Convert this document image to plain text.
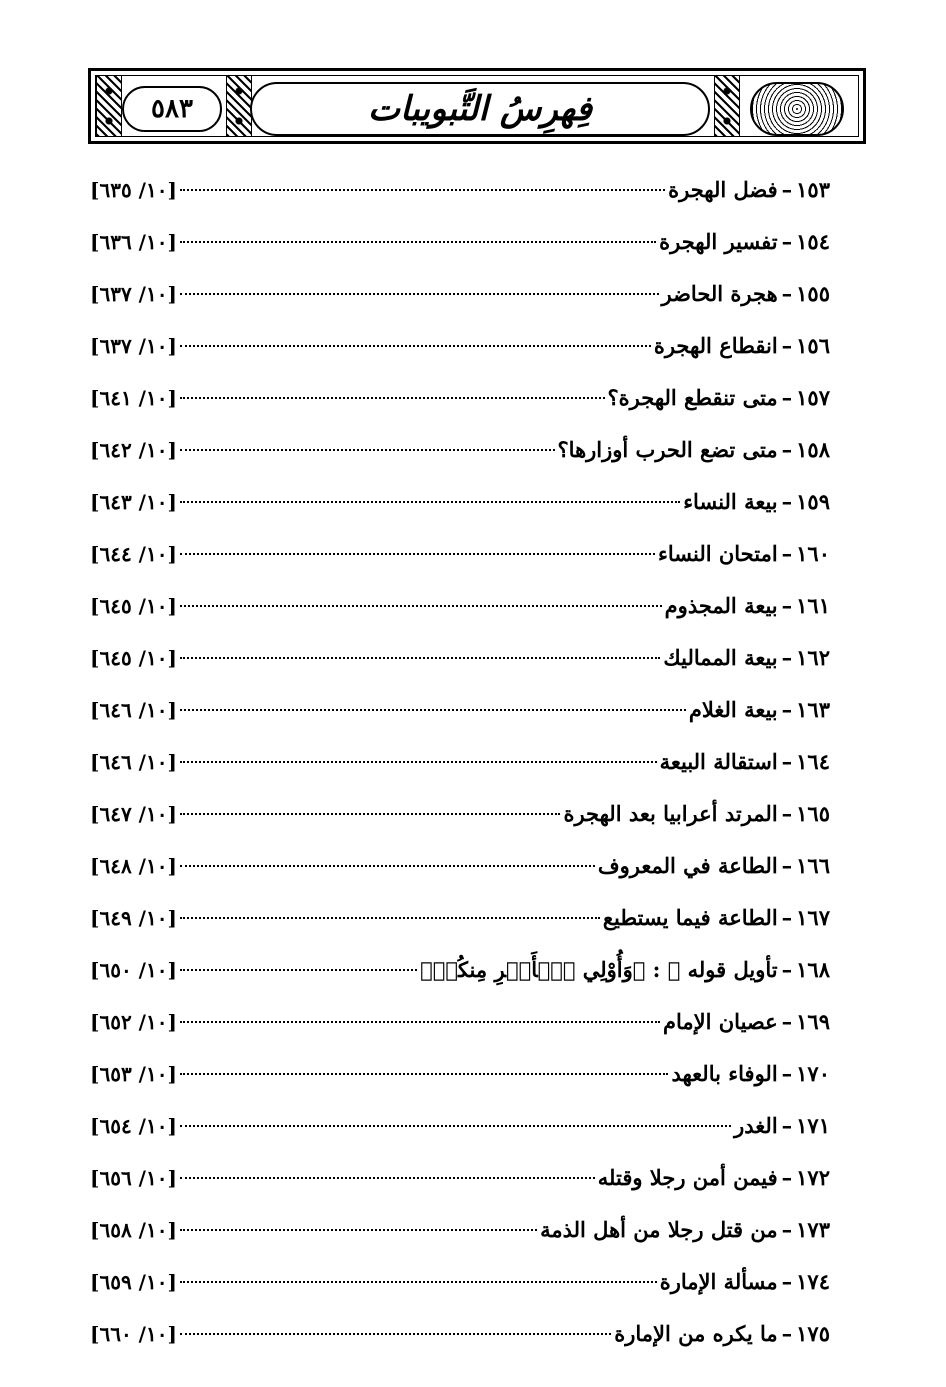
٥٨٣	فِهرِسُ التَّبويبات
١٥٣
–
فضل الهجرة
[١٠/ ٦٣٥]
١٥٤
–
تفسير الهجرة
[١٠/ ٦٣٦]
١٥٥
–
هجرة الحاضر
[١٠/ ٦٣٧]
١٥٦
–
انقطاع الهجرة
[١٠/ ٦٣٧]
١٥٧
–
متى تنقطع الهجرة؟
[١٠/ ٦٤١]
١٥٨
–
متى تضع الحرب أوزارها؟
[١٠/ ٦٤٢]
١٥٩
–
بيعة النساء
[١٠/ ٦٤٣]
١٦٠
–
امتحان النساء
[١٠/ ٦٤٤]
١٦١
–
بيعة المجذوم
[١٠/ ٦٤٥]
١٦٢
–
بيعة المماليك
[١٠/ ٦٤٥]
١٦٣
–
بيعة الغلام
[١٠/ ٦٤٦]
١٦٤
–
استقالة البيعة
[١٠/ ٦٤٦]
١٦٥
–
المرتد أعرابيا بعد الهجرة
[١٠/ ٦٤٧]
١٦٦
–
الطاعة في المعروف
[١٠/ ٦٤٨]
١٦٧
–
الطاعة فيما يستطيع
[١٠/ ٦٤٩]
١٦٨
–
تأويل قوله ﷻ : ﴿وَأُوْلِي ٱلۡأَمۡرِ مِنكُمۡ﴾
[١٠/ ٦٥٠]
١٦٩
–
عصيان الإمام
[١٠/ ٦٥٢]
١٧٠
–
الوفاء بالعهد
[١٠/ ٦٥٣]
١٧١
–
الغدر
[١٠/ ٦٥٤]
١٧٢
–
فيمن أمن رجلا وقتله
[١٠/ ٦٥٦]
١٧٣
–
من قتل رجلا من أهل الذمة
[١٠/ ٦٥٨]
١٧٤
–
مسألة الإمارة
[١٠/ ٦٥٩]
١٧٥
–
ما يكره من الإمارة
[١٠/ ٦٦٠]
